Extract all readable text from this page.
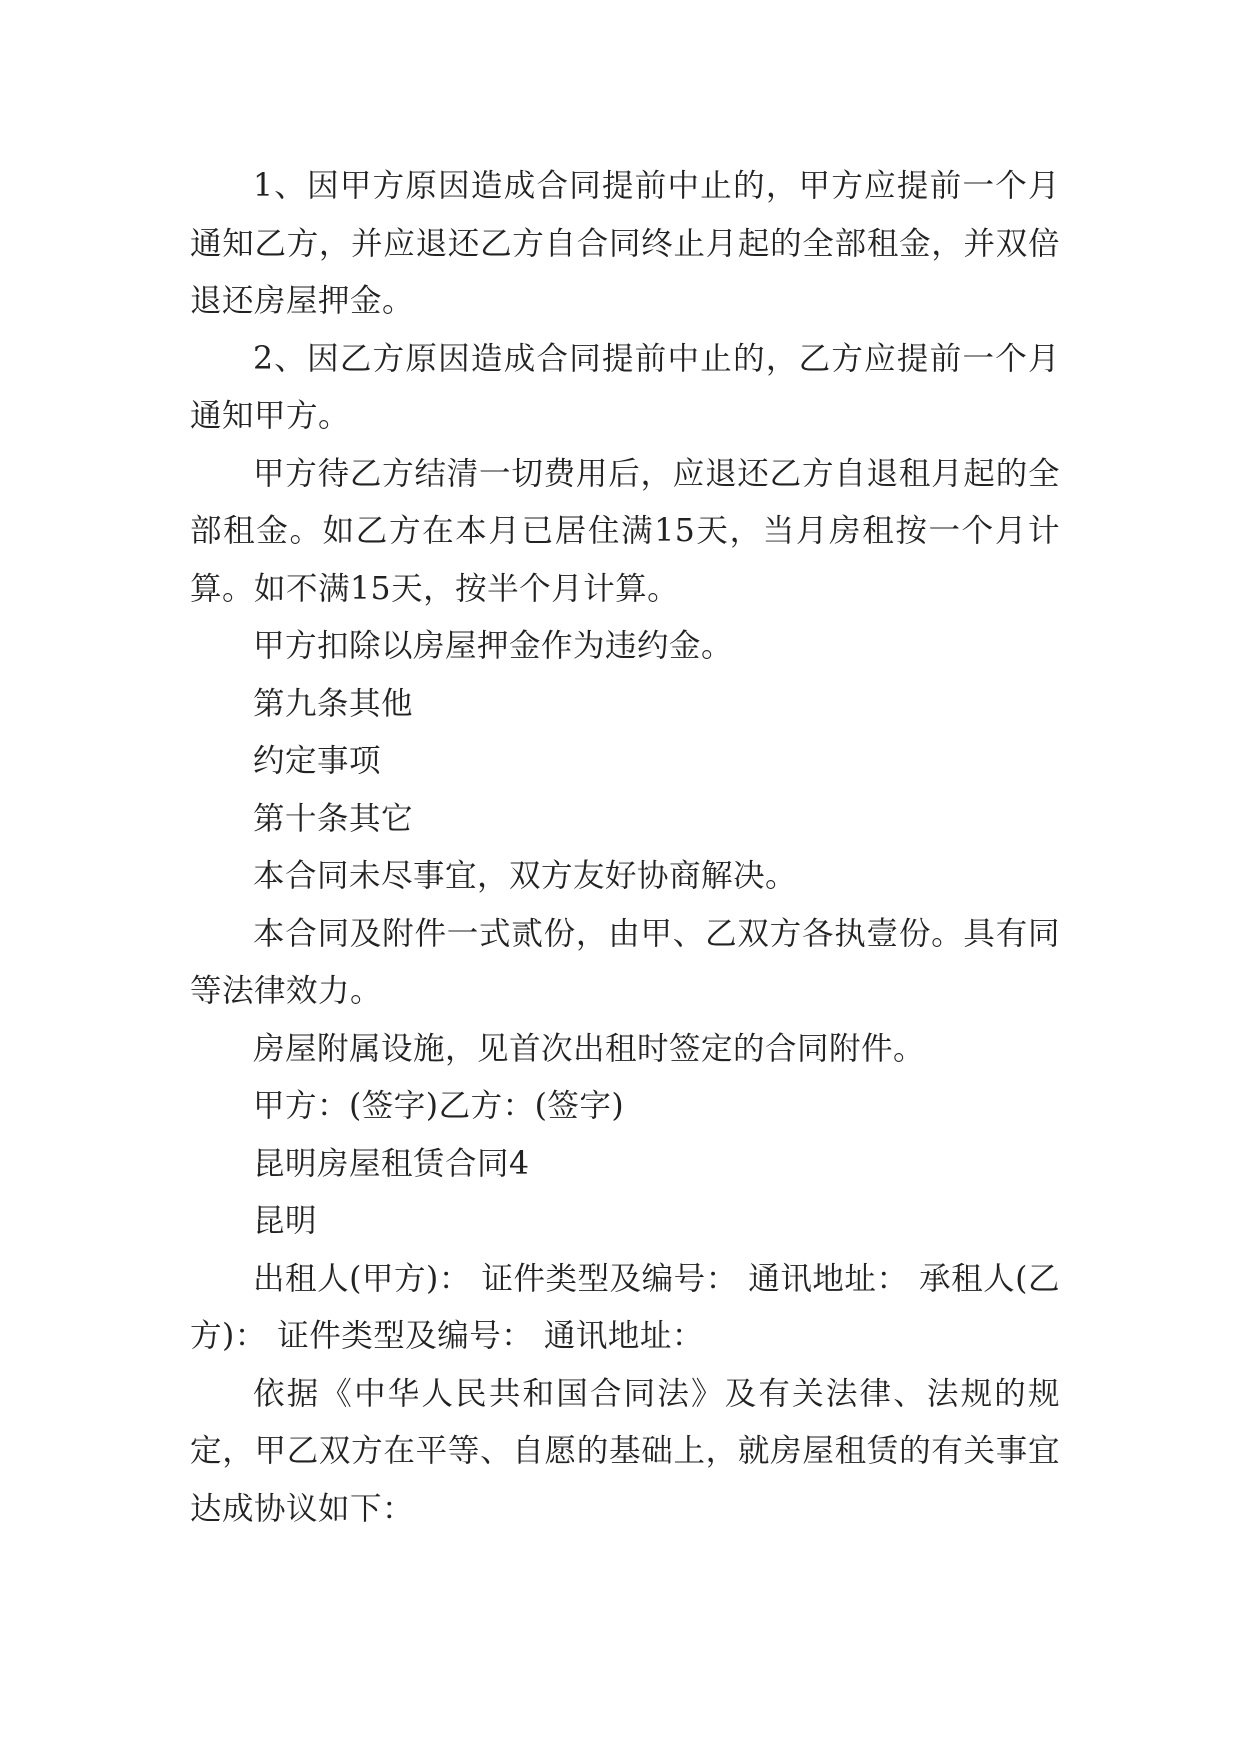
1、因甲方原因造成合同提前中止的，甲方应提前一个月通知乙方，并应退还乙方自合同终止月起的全部租金，并双倍退还房屋押金。

2、因乙方原因造成合同提前中止的，乙方应提前一个月通知甲方。

甲方待乙方结清一切费用后，应退还乙方自退租月起的全部租金。如乙方在本月已居住满15天，当月房租按一个月计算。如不满15天，按半个月计算。

甲方扣除以房屋押金作为违约金。

第九条其他

约定事项

第十条其它

本合同未尽事宜，双方友好协商解决。

本合同及附件一式贰份，由甲、乙双方各执壹份。具有同等法律效力。

房屋附属设施，见首次出租时签定的合同附件。

甲方：(签字)乙方：(签字)

昆明房屋租赁合同4

昆明

出租人(甲方)： 证件类型及编号： 通讯地址： 承租人(乙方)： 证件类型及编号： 通讯地址：

依据《中华人民共和国合同法》及有关法律、法规的规定，甲乙双方在平等、自愿的基础上，就房屋租赁的有关事宜达成协议如下：
